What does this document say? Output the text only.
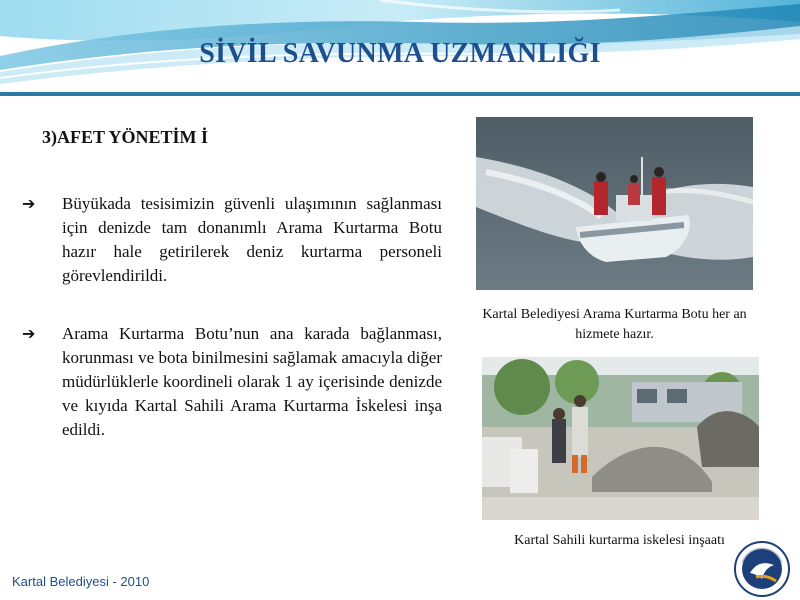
SİVİL SAVUNMA UZMANLIĞI
3)AFET YÖNETİM İ
➔ Büyükada tesisimizin güvenli ulaşımının sağlanması için denizde tam donanımlı Arama Kurtarma Botu hazır hale getirilerek deniz kurtarma personeli görevlendirildi.
➔ Arama Kurtarma Botu’nun ana karada bağlanması, korunması ve bota binilmesini sağlamak amacıyla diğer müdürlüklerle koordineli olarak 1 ay içerisinde denizde ve kıyıda Kartal Sahili Arama Kurtarma İskelesi inşa edildi.
Kartal Belediyesi Arama Kurtarma Botu her an hizmete hazır.
Kartal Sahili kurtarma iskelesi inşaatı
Kartal Belediyesi - 2010
